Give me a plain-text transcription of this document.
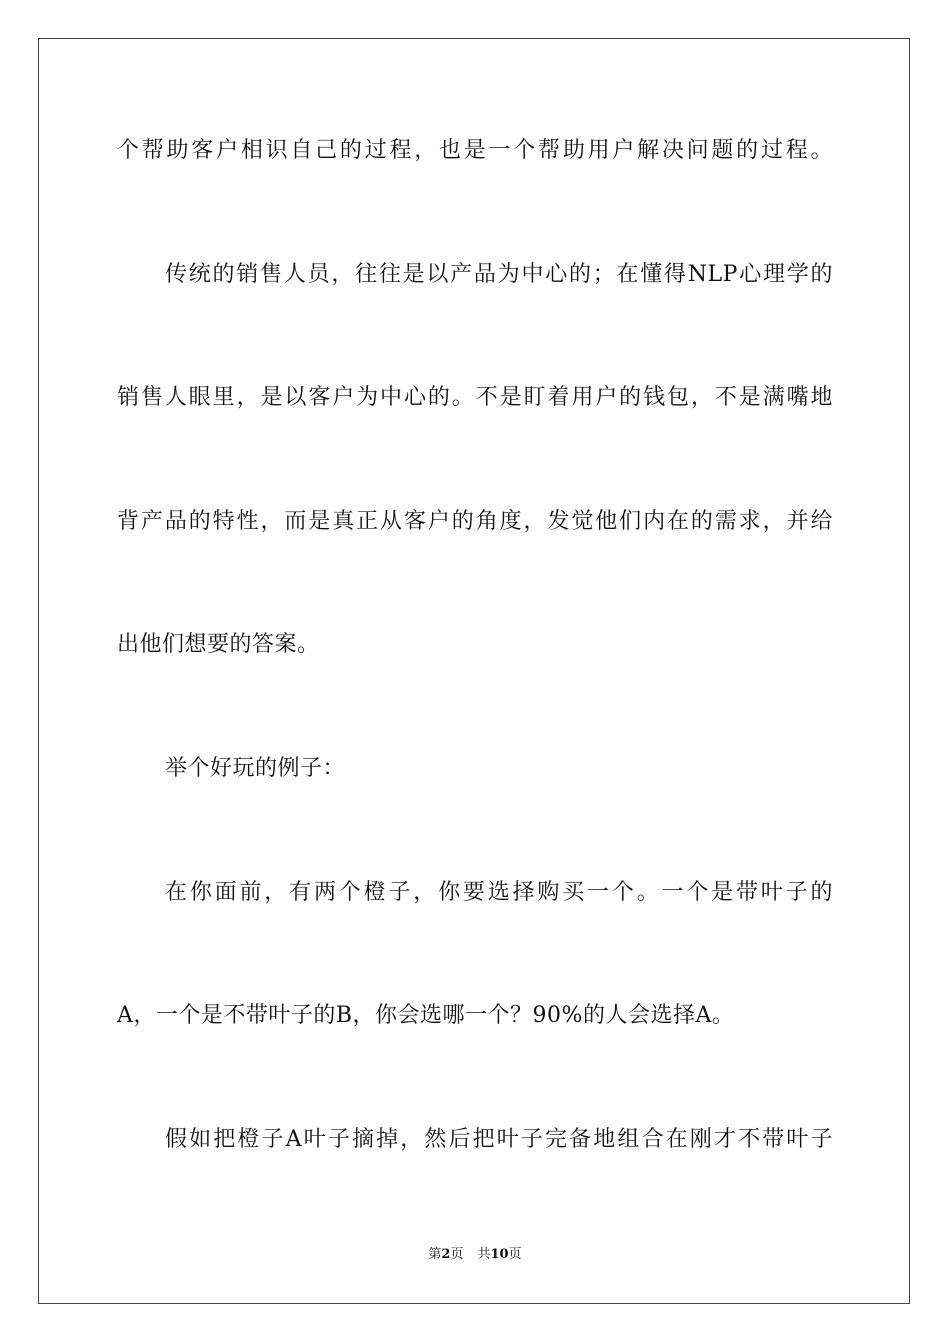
个帮助客户相识自己的过程，也是一个帮助用户解决问题的过程。
传统的销售人员，往往是以产品为中心的；在懂得NLP心理学的
销售人眼里，是以客户为中心的。不是盯着用户的钱包，不是满嘴地
背产品的特性，而是真正从客户的角度，发觉他们内在的需求，并给
出他们想要的答案。
举个好玩的例子：
在你面前，有两个橙子，你要选择购买一个。一个是带叶子的
A，一个是不带叶子的B，你会选哪一个？90%的人会选择A。
假如把橙子A叶子摘掉，然后把叶子完备地组合在刚才不带叶子
第2页 共10页
